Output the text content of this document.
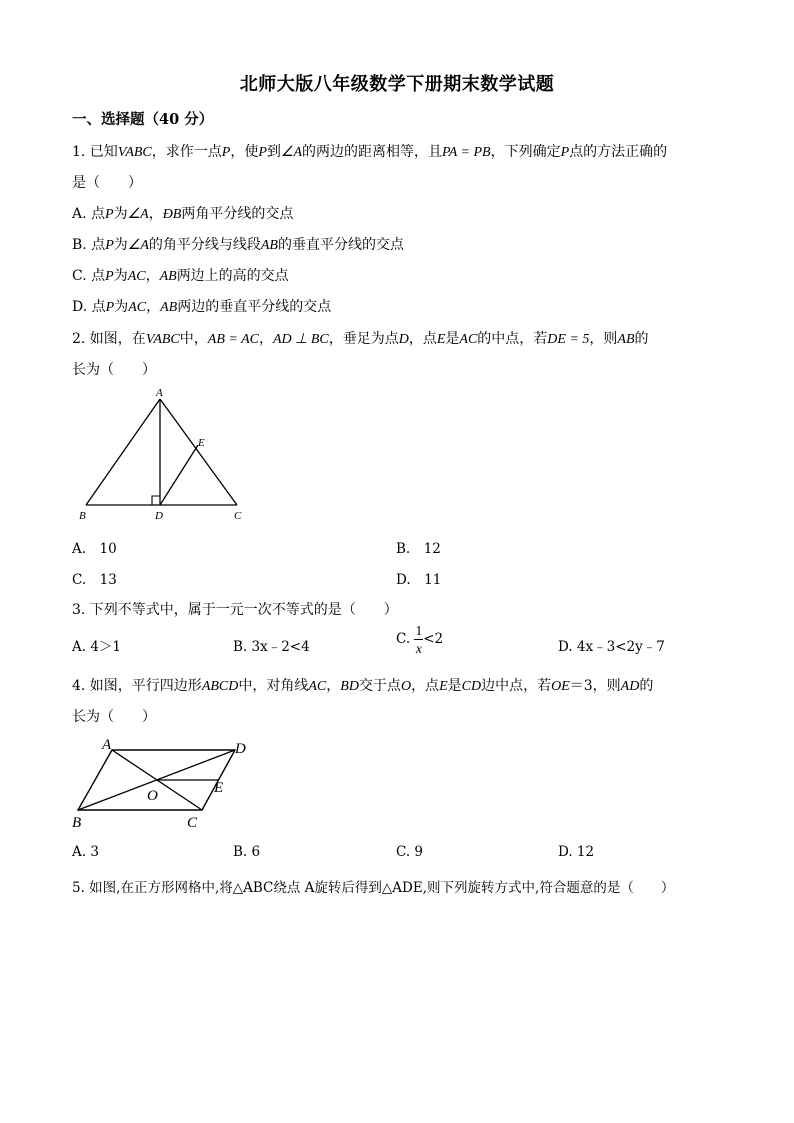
北师大版八年级数学下册期末数学试题
一、选择题（40 分）
1. 已知VABC，求作一点P，使P到∠A的两边的距离相等，且PA = PB，下列确定P点的方法正确的
是（　　）
A. 点P为∠A，ÐB两角平分线的交点
B. 点P为∠A的角平分线与线段AB的垂直平分线的交点
C. 点P为AC，AB两边上的高的交点
D. 点P为AC，AB两边的垂直平分线的交点
2. 如图，在VABC中，AB = AC，AD ⊥ BC，垂足为点D，点E是AC的中点，若DE = 5，则AB的
长为（　　）
A
E
B	D	C
A.　10	B.　12
C.　13	D.　11
3. 下列不等式中，属于一元一次不等式的是（　　）
A. 4＞1	B. 3x﹣2<4	C. $\frac{1}{x} <2$	D. 4x﹣3<2y﹣7
4. 如图，平行四边形ABCD中，对角线AC，BD交于点O，点E是CD边中点，若OE＝3，则AD的
长为（　　）
A	D
O	E
B	C
A. 3	B. 6	C. 9	D. 12
5. 如图,在正方形网格中,将△ABC绕点 A旋转后得到△ADE,则下列旋转方式中,符合题意的是（　　）
